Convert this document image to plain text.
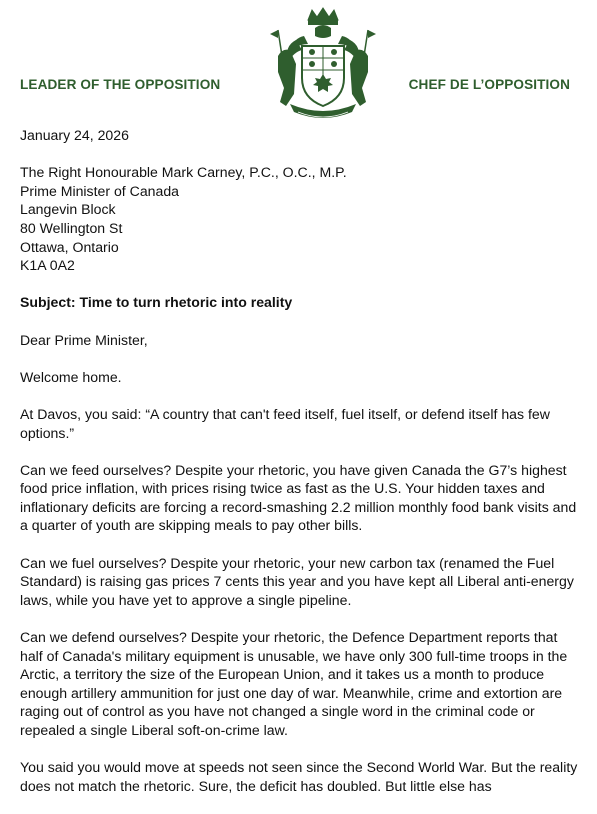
LEADER OF THE OPPOSITION	CHEF DE L’OPPOSITION

January 24, 2026

The Right Honourable Mark Carney, P.C., O.C., M.P.
Prime Minister of Canada
Langevin Block
80 Wellington St
Ottawa, Ontario
K1A 0A2

Subject: Time to turn rhetoric into reality

Dear Prime Minister,

Welcome home.

At Davos, you said: “A country that can't feed itself, fuel itself, or defend itself has few options.”

Can we feed ourselves? Despite your rhetoric, you have given Canada the G7’s highest food price inflation, with prices rising twice as fast as the U.S. Your hidden taxes and inflationary deficits are forcing a record-smashing 2.2 million monthly food bank visits and a quarter of youth are skipping meals to pay other bills.

Can we fuel ourselves? Despite your rhetoric, your new carbon tax (renamed the Fuel Standard) is raising gas prices 7 cents this year and you have kept all Liberal anti-energy laws, while you have yet to approve a single pipeline.

Can we defend ourselves? Despite your rhetoric, the Defence Department reports that half of Canada's military equipment is unusable, we have only 300 full-time troops in the Arctic, a territory the size of the European Union, and it takes us a month to produce enough artillery ammunition for just one day of war. Meanwhile, crime and extortion are raging out of control as you have not changed a single word in the criminal code or repealed a single Liberal soft-on-crime law.

You said you would move at speeds not seen since the Second World War. But the reality does not match the rhetoric. Sure, the deficit has doubled. But little else has
